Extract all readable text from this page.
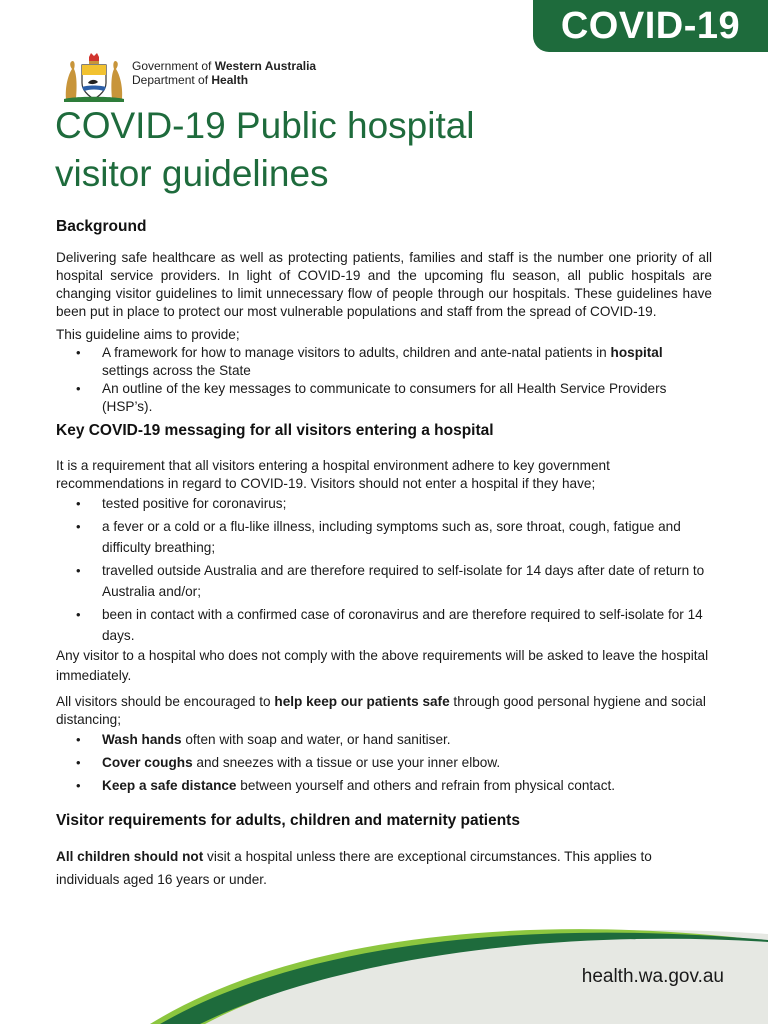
COVID-19
Government of Western Australia
Department of Health
COVID-19 Public hospital
visitor guidelines
Background

Delivering safe healthcare as well as protecting patients, families and staff is the number one priority of all hospital service providers. In light of COVID-19 and the upcoming flu season, all public hospitals are changing visitor guidelines to limit unnecessary flow of people through our hospitals. These guidelines have been put in place to protect our most vulnerable populations and staff from the spread of COVID-19.

This guideline aims to provide;

• A framework for how to manage visitors to adults, children and ante-natal patients in hospital settings across the State
• An outline of the key messages to communicate to consumers for all Health Service Providers (HSP’s).
Key COVID-19 messaging for all visitors entering a hospital

It is a requirement that all visitors entering a hospital environment adhere to key government recommendations in regard to COVID-19. Visitors should not enter a hospital if they have;

• tested positive for coronavirus;
• a fever or a cold or a flu-like illness, including symptoms such as, sore throat, cough, fatigue and difficulty breathing;
• travelled outside Australia and are therefore required to self-isolate for 14 days after date of return to Australia and/or;
• been in contact with a confirmed case of coronavirus and are therefore required to self-isolate for 14 days.

Any visitor to a hospital who does not comply with the above requirements will be asked to leave the hospital immediately.

All visitors should be encouraged to help keep our patients safe through good personal hygiene and social distancing;

• Wash hands often with soap and water, or hand sanitiser.
• Cover coughs and sneezes with a tissue or use your inner elbow.
• Keep a safe distance between yourself and others and refrain from physical contact.
Visitor requirements for adults, children and maternity patients

All children should not visit a hospital unless there are exceptional circumstances. This applies to individuals aged 16 years or under.

health.wa.gov.au
